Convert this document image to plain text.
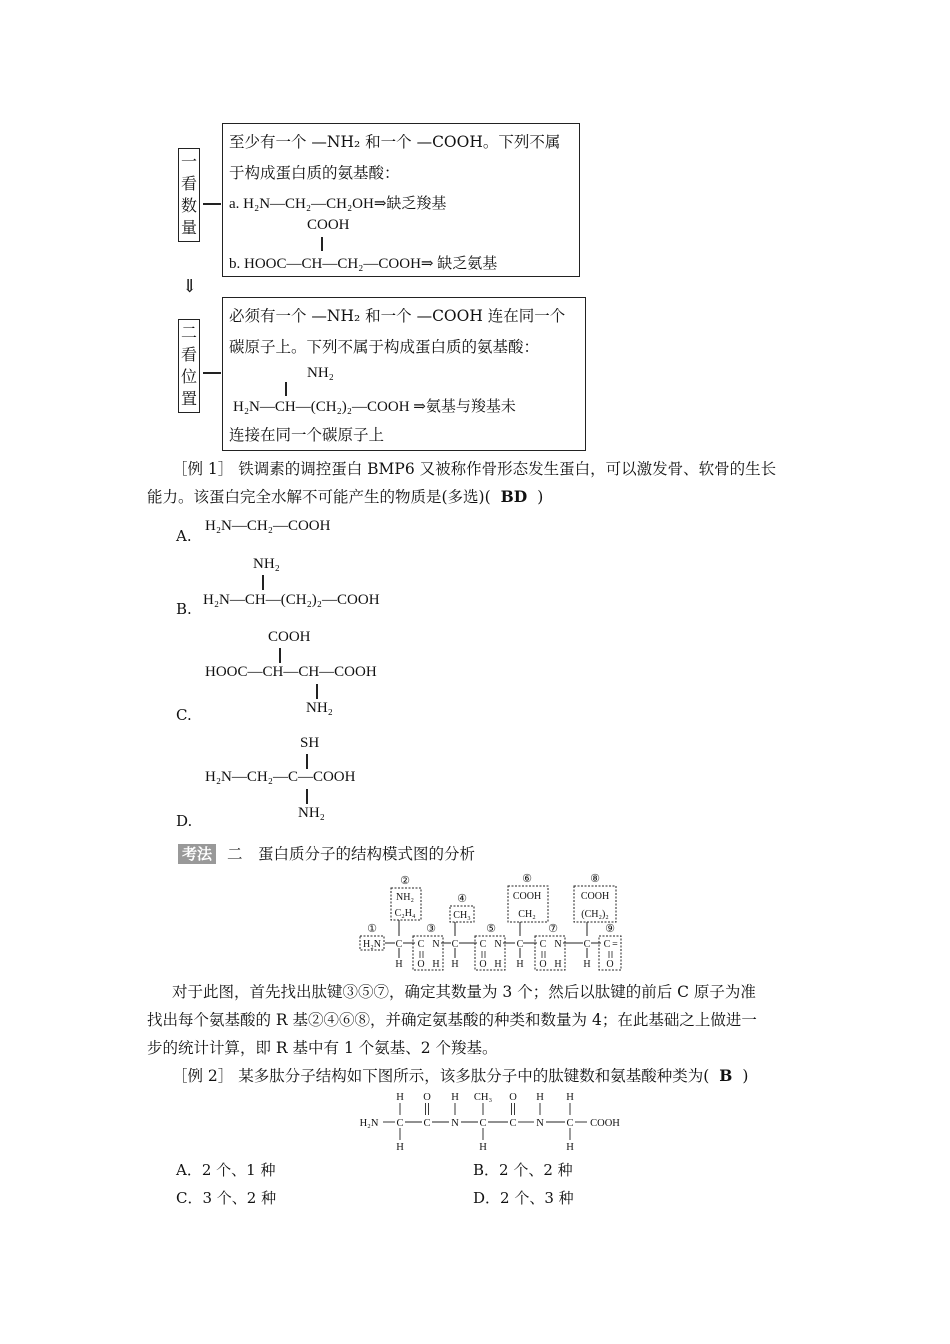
一
看
数
量
至少有一个 —NH₂ 和一个 —COOH。下列不属
于构成蛋白质的氨基酸：
a. H₂N—CH₂—CH₂OH⇒缺乏羧基
COOH
b. HOOC—CH—CH₂—COOH⇒ 缺乏氨基
⇓
二
看
位
置
必须有一个 —NH₂ 和一个 —COOH 连在同一个
碳原子上。下列不属于构成蛋白质的氨基酸：
NH₂
H₂N—CH—(CH₂)₂—COOH ⇒氨基与羧基未
连接在同一个碳原子上
［例 1］ 铁调素的调控蛋白 BMP6 又被称作骨形态发生蛋白，可以激发骨、软骨的生长
能力。该蛋白完全水解不可能产生的物质是(多选)( BD )
A.
H₂N—CH₂—COOH
NH₂
B. H₂N—CH—(CH₂)₂—COOH
COOH
HOOC—CH—CH—COOH
NH₂
C.
SH
H₂N—CH₂—C—COOH
NH₂
D.
考法 二　蛋白质分子的结构模式图的分析
①
②
③
④
⑤
⑥
⑦
⑧
⑨
NH₂
C₂H₄
H₂N
CH₃
COOH
CH₂
COOH
(CH₂)₂
C C N C C N C C N C C =
H O H H O H H O H H O
对于此图，首先找出肽键③⑤⑦，确定其数量为 3 个；然后以肽键的前后 C 原子为准
找出每个氨基酸的 R 基②④⑥⑧，并确定氨基酸的种类和数量为 4；在此基础之上做进一
步的统计计算，即 R 基中有 1 个氨基、2 个羧基。
［例 2］ 某多肽分子结构如下图所示，该多肽分子中的肽键数和氨基酸种类为( B )
H₂N C C N C C N C COOH
H O H CH₃ O H H
H	H	H
A．2 个、1 种	B．2 个、2 种
C．3 个、2 种	D．2 个、3 种
